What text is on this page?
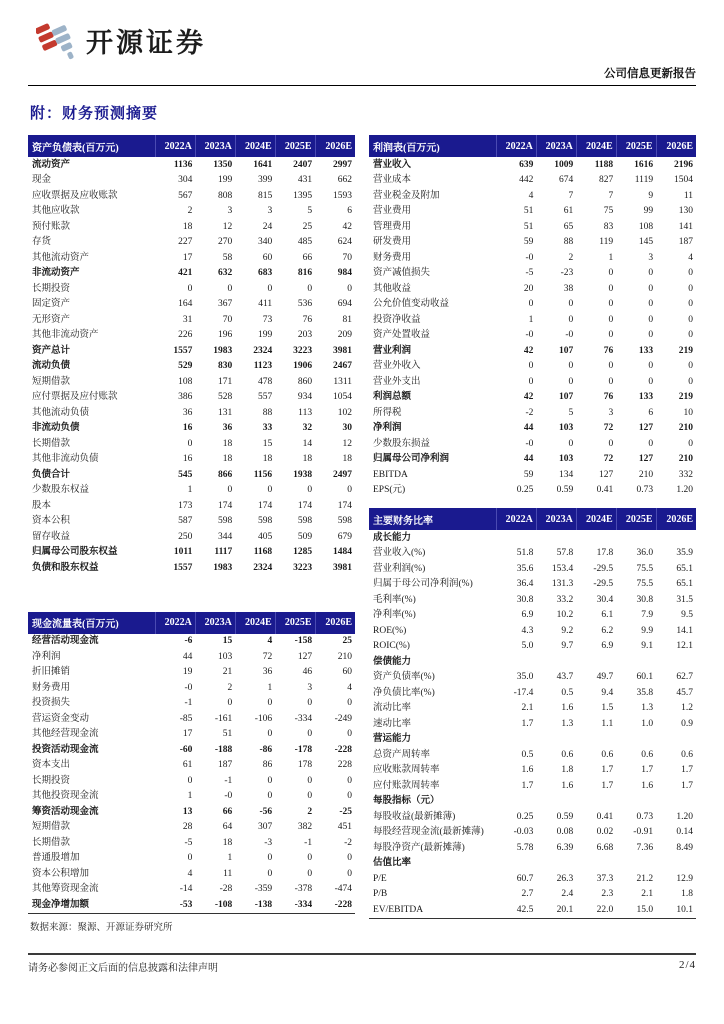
开源证券
公司信息更新报告
附：财务预测摘要
资产负债表(百万元)	2022A	2023A	2024E	2025E	2026E
流动资产	1136	1350	1641	2407	2997
现金	304	199	399	431	662
应收票据及应收账款	567	808	815	1395	1593
其他应收款	2	3	3	5	6
预付账款	18	12	24	25	42
存货	227	270	340	485	624
其他流动资产	17	58	60	66	70
非流动资产	421	632	683	816	984
长期投资	0	0	0	0	0
固定资产	164	367	411	536	694
无形资产	31	70	73	76	81
其他非流动资产	226	196	199	203	209
资产总计	1557	1983	2324	3223	3981
流动负债	529	830	1123	1906	2467
短期借款	108	171	478	860	1311
应付票据及应付账款	386	528	557	934	1054
其他流动负债	36	131	88	113	102
非流动负债	16	36	33	32	30
长期借款	0	18	15	14	12
其他非流动负债	16	18	18	18	18
负债合计	545	866	1156	1938	2497
少数股东权益	1	0	0	0	0
股本	173	174	174	174	174
资本公积	587	598	598	598	598
留存收益	250	344	405	509	679
归属母公司股东权益	1011	1117	1168	1285	1484
负债和股东权益	1557	1983	2324	3223	3981
现金流量表(百万元)	2022A	2023A	2024E	2025E	2026E
经营活动现金流	-6	15	4	-158	25
净利润	44	103	72	127	210
折旧摊销	19	21	36	46	60
财务费用	-0	2	1	3	4
投资损失	-1	0	0	0	0
营运资金变动	-85	-161	-106	-334	-249
其他经营现金流	17	51	0	0	0
投资活动现金流	-60	-188	-86	-178	-228
资本支出	61	187	86	178	228
长期投资	0	-1	0	0	0
其他投资现金流	1	-0	0	0	0
筹资活动现金流	13	66	-56	2	-25
短期借款	28	64	307	382	451
长期借款	-5	18	-3	-1	-2
普通股增加	0	1	0	0	0
资本公积增加	4	11	0	0	0
其他筹资现金流	-14	-28	-359	-378	-474
现金净增加额	-53	-108	-138	-334	-228
数据来源：聚源、开源证券研究所
利润表(百万元)	2022A	2023A	2024E	2025E	2026E
营业收入	639	1009	1188	1616	2196
营业成本	442	674	827	1119	1504
营业税金及附加	4	7	7	9	11
营业费用	51	61	75	99	130
管理费用	51	65	83	108	141
研发费用	59	88	119	145	187
财务费用	-0	2	1	3	4
资产减值损失	-5	-23	0	0	0
其他收益	20	38	0	0	0
公允价值变动收益	0	0	0	0	0
投资净收益	1	0	0	0	0
资产处置收益	-0	-0	0	0	0
营业利润	42	107	76	133	219
营业外收入	0	0	0	0	0
营业外支出	0	0	0	0	0
利润总额	42	107	76	133	219
所得税	-2	5	3	6	10
净利润	44	103	72	127	210
少数股东损益	-0	0	0	0	0
归属母公司净利润	44	103	72	127	210
EBITDA	59	134	127	210	332
EPS(元)	0.25	0.59	0.41	0.73	1.20
主要财务比率	2022A	2023A	2024E	2025E	2026E
成长能力					
营业收入(%)	51.8	57.8	17.8	36.0	35.9
营业利润(%)	35.6	153.4	-29.5	75.5	65.1
归属于母公司净利润(%)	36.4	131.3	-29.5	75.5	65.1
毛利率(%)	30.8	33.2	30.4	30.8	31.5
净利率(%)	6.9	10.2	6.1	7.9	9.5
ROE(%)	4.3	9.2	6.2	9.9	14.1
ROIC(%)	5.0	9.7	6.9	9.1	12.1
偿债能力					
资产负债率(%)	35.0	43.7	49.7	60.1	62.7
净负债比率(%)	-17.4	0.5	9.4	35.8	45.7
流动比率	2.1	1.6	1.5	1.3	1.2
速动比率	1.7	1.3	1.1	1.0	0.9
营运能力					
总资产周转率	0.5	0.6	0.6	0.6	0.6
应收账款周转率	1.6	1.8	1.7	1.7	1.7
应付账款周转率	1.7	1.6	1.7	1.6	1.7
每股指标（元）					
每股收益(最新摊薄)	0.25	0.59	0.41	0.73	1.20
每股经营现金流(最新摊薄)	-0.03	0.08	0.02	-0.91	0.14
每股净资产(最新摊薄)	5.78	6.39	6.68	7.36	8.49
估值比率					
P/E	60.7	26.3	37.3	21.2	12.9
P/B	2.7	2.4	2.3	2.1	1.8
EV/EBITDA	42.5	20.1	22.0	15.0	10.1
请务必参阅正文后面的信息披露和法律声明	2/4
